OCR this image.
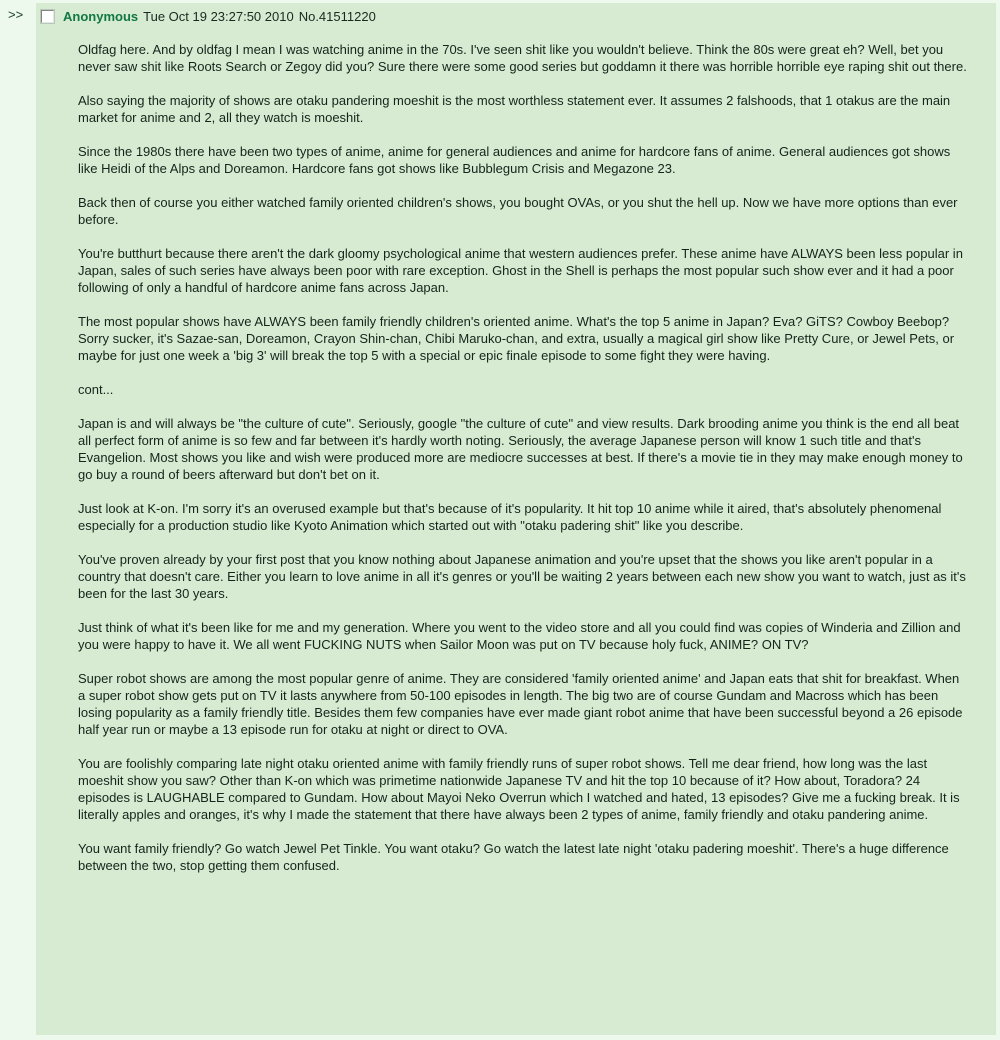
>>	Anonymous Tue Oct 19 23:27:50 2010 No.41511220

Oldfag here. And by oldfag I mean I was watching anime in the 70s. I've seen shit like you wouldn't believe. Think the 80s were great eh? Well, bet you never saw shit like Roots Search or Zegoy did you? Sure there were some good series but goddamn it there was horrible horrible eye raping shit out there.

Also saying the majority of shows are otaku pandering moeshit is the most worthless statement ever. It assumes 2 falshoods, that 1 otakus are the main market for anime and 2, all they watch is moeshit.

Since the 1980s there have been two types of anime, anime for general audiences and anime for hardcore fans of anime. General audiences got shows like Heidi of the Alps and Doreamon. Hardcore fans got shows like Bubblegum Crisis and Megazone 23.

Back then of course you either watched family oriented children's shows, you bought OVAs, or you shut the hell up. Now we have more options than ever before.

You're butthurt because there aren't the dark gloomy psychological anime that western audiences prefer. These anime have ALWAYS been less popular in Japan, sales of such series have always been poor with rare exception. Ghost in the Shell is perhaps the most popular such show ever and it had a poor following of only a handful of hardcore anime fans across Japan.

The most popular shows have ALWAYS been family friendly children's oriented anime. What's the top 5 anime in Japan? Eva? GiTS? Cowboy Beebop? Sorry sucker, it's Sazae-san, Doreamon, Crayon Shin-chan, Chibi Maruko-chan, and extra, usually a magical girl show like Pretty Cure, or Jewel Pets, or maybe for just one week a 'big 3' will break the top 5 with a special or epic finale episode to some fight they were having.

cont...

Japan is and will always be "the culture of cute". Seriously, google "the culture of cute" and view results. Dark brooding anime you think is the end all beat all perfect form of anime is so few and far between it's hardly worth noting. Seriously, the average Japanese person will know 1 such title and that's Evangelion. Most shows you like and wish were produced more are mediocre successes at best. If there's a movie tie in they may make enough money to go buy a round of beers afterward but don't bet on it.

Just look at K-on. I'm sorry it's an overused example but that's because of it's popularity. It hit top 10 anime while it aired, that's absolutely phenomenal especially for a production studio like Kyoto Animation which started out with "otaku padering shit" like you describe.

You've proven already by your first post that you know nothing about Japanese animation and you're upset that the shows you like aren't popular in a country that doesn't care. Either you learn to love anime in all it's genres or you'll be waiting 2 years between each new show you want to watch, just as it's been for the last 30 years.

Just think of what it's been like for me and my generation. Where you went to the video store and all you could find was copies of Winderia and Zillion and you were happy to have it. We all went FUCKING NUTS when Sailor Moon was put on TV because holy fuck, ANIME? ON TV?

Super robot shows are among the most popular genre of anime. They are considered 'family oriented anime' and Japan eats that shit for breakfast. When a super robot show gets put on TV it lasts anywhere from 50-100 episodes in length. The big two are of course Gundam and Macross which has been losing popularity as a family friendly title. Besides them few companies have ever made giant robot anime that have been successful beyond a 26 episode half year run or maybe a 13 episode run for otaku at night or direct to OVA.

You are foolishly comparing late night otaku oriented anime with family friendly runs of super robot shows. Tell me dear friend, how long was the last moeshit show you saw? Other than K-on which was primetime nationwide Japanese TV and hit the top 10 because of it? How about, Toradora? 24 episodes is LAUGHABLE compared to Gundam. How about Mayoi Neko Overrun which I watched and hated, 13 episodes? Give me a fucking break. It is literally apples and oranges, it's why I made the statement that there have always been 2 types of anime, family friendly and otaku pandering anime.

You want family friendly? Go watch Jewel Pet Tinkle. You want otaku? Go watch the latest late night 'otaku padering moeshit'. There's a huge difference between the two, stop getting them confused.
